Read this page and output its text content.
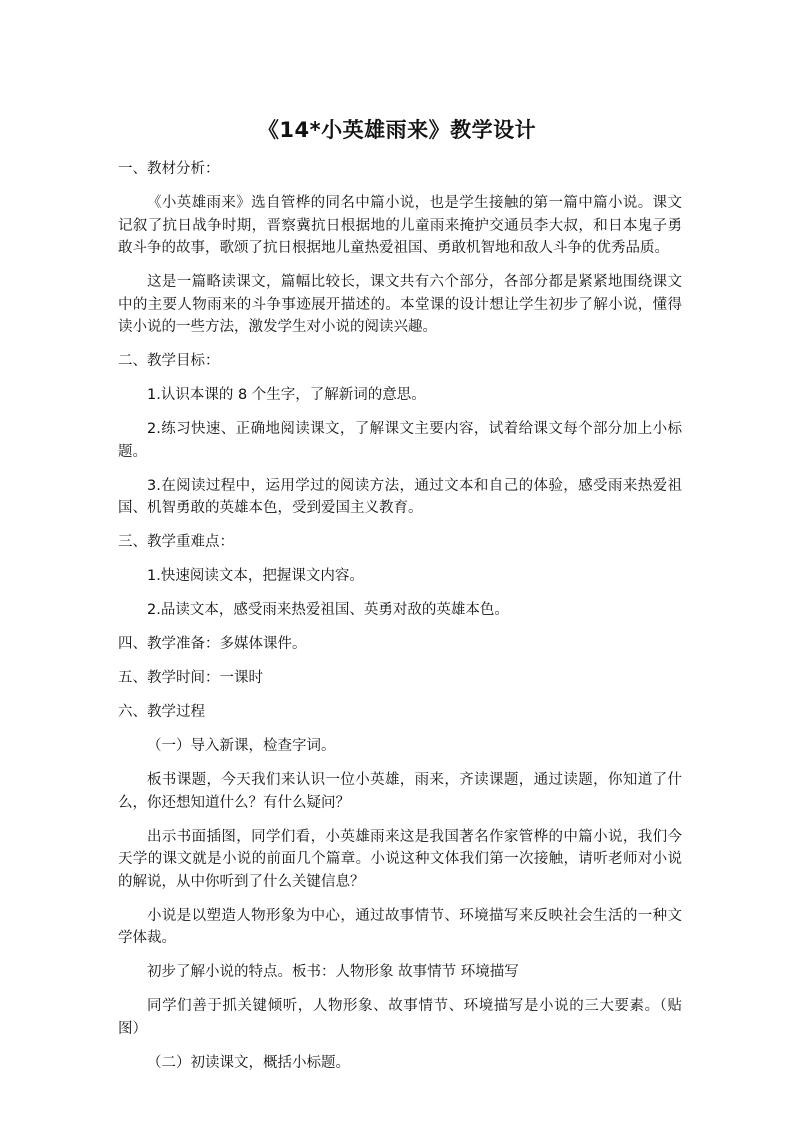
《14*小英雄雨来》教学设计

一、教材分析：

《小英雄雨来》选自管桦的同名中篇小说，也是学生接触的第一篇中篇小说。课文记叙了抗日战争时期，晋察冀抗日根据地的儿童雨来掩护交通员李大叔，和日本鬼子勇敢斗争的故事，歌颂了抗日根据地儿童热爱祖国、勇敢机智地和敌人斗争的优秀品质。

这是一篇略读课文，篇幅比较长，课文共有六个部分，各部分都是紧紧地围绕课文中的主要人物雨来的斗争事迹展开描述的。本堂课的设计想让学生初步了解小说，懂得读小说的一些方法，激发学生对小说的阅读兴趣。

二、教学目标：

1.认识本课的 8 个生字，了解新词的意思。

2.练习快速、正确地阅读课文，了解课文主要内容，试着给课文每个部分加上小标题。

3.在阅读过程中，运用学过的阅读方法，通过文本和自己的体验，感受雨来热爱祖国、机智勇敢的英雄本色，受到爱国主义教育。

三、教学重难点：

1.快速阅读文本，把握课文内容。

2.品读文本，感受雨来热爱祖国、英勇对敌的英雄本色。

四、教学准备：多媒体课件。

五、教学时间：一课时

六、教学过程

（一）导入新课，检查字词。

板书课题，今天我们来认识一位小英雄，雨来，齐读课题，通过读题，你知道了什么，你还想知道什么？有什么疑问？

出示书面插图，同学们看，小英雄雨来这是我国著名作家管桦的中篇小说，我们今天学的课文就是小说的前面几个篇章。小说这种文体我们第一次接触，请听老师对小说的解说，从中你听到了什么关键信息？

小说是以塑造人物形象为中心，通过故事情节、环境描写来反映社会生活的一种文学体裁。

初步了解小说的特点。板书：人物形象 故事情节 环境描写

同学们善于抓关键倾听，人物形象、故事情节、环境描写是小说的三大要素。（贴图）

（二）初读课文，概括小标题。
